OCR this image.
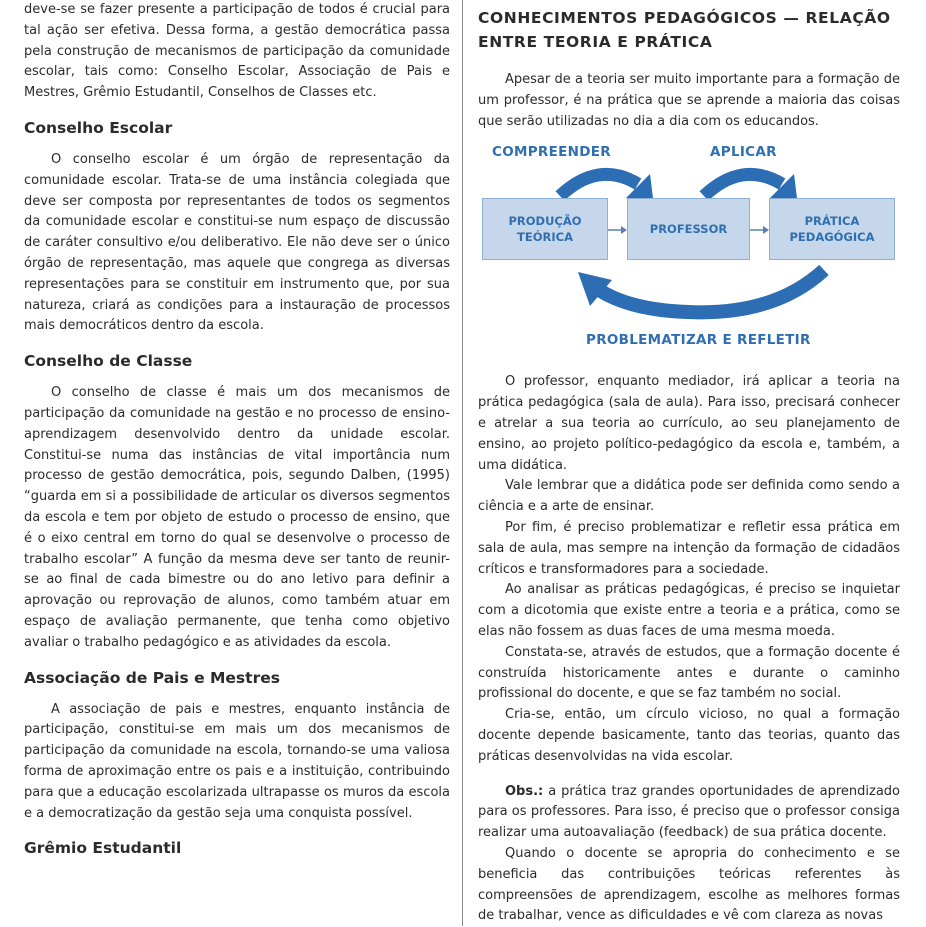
deve-se se fazer presente a participação de todos é crucial para tal ação ser efetiva. Dessa forma, a gestão democrática passa pela construção de mecanismos de participação da comunidade escolar, tais como: Conselho Escolar, Associação de Pais e Mestres, Grêmio Estudantil, Conselhos de Classes etc.

Conselho Escolar

O conselho escolar é um órgão de representação da comunidade escolar. Trata-se de uma instância colegiada que deve ser composta por representantes de todos os segmentos da comunidade escolar e constitui-se num espaço de discussão de caráter consultivo e/ou deliberativo. Ele não deve ser o único órgão de representação, mas aquele que congrega as diversas representações para se constituir em instrumento que, por sua natureza, criará as condições para a instauração de processos mais democráticos dentro da escola.

Conselho de Classe

O conselho de classe é mais um dos mecanismos de participação da comunidade na gestão e no processo de ensino-aprendizagem desenvolvido dentro da unidade escolar. Constitui-se numa das instâncias de vital importância num processo de gestão democrática, pois, segundo Dalben, (1995) “guarda em si a possibilidade de articular os diversos segmentos da escola e tem por objeto de estudo o processo de ensino, que é o eixo central em torno do qual se desenvolve o processo de trabalho escolar” A função da mesma deve ser tanto de reunir-se ao final de cada bimestre ou do ano letivo para definir a aprovação ou reprovação de alunos, como também atuar em espaço de avaliação permanente, que tenha como objetivo avaliar o trabalho pedagógico e as atividades da escola.

Associação de Pais e Mestres

A associação de pais e mestres, enquanto instância de participação, constitui-se em mais um dos mecanismos de participação da comunidade na escola, tornando-se uma valiosa forma de aproximação entre os pais e a instituição, contribuindo para que a educação escolarizada ultrapasse os muros da escola e a democratização da gestão seja uma conquista possível.

Grêmio Estudantil
CONHECIMENTOS PEDAGÓGICOS — RELAÇÃO
ENTRE TEORIA E PRÁTICA

Apesar de a teoria ser muito importante para a formação de um professor, é na prática que se aprende a maioria das coisas que serão utilizadas no dia a dia com os educandos.

COMPREENDER	APLICAR
PRODUÇÃO
TEÓRICA
PROFESSOR
PRÁTICA
PEDAGÓGICA
PROBLEMATIZAR E REFLETIR

O professor, enquanto mediador, irá aplicar a teoria na prática pedagógica (sala de aula). Para isso, precisará conhecer e atrelar a sua teoria ao currículo, ao seu planejamento de ensino, ao projeto político-pedagógico da escola e, também, a uma didática.

Vale lembrar que a didática pode ser definida como sendo a ciência e a arte de ensinar.

Por fim, é preciso problematizar e refletir essa prática em sala de aula, mas sempre na intenção da formação de cidadãos críticos e transformadores para a sociedade.

Ao analisar as práticas pedagógicas, é preciso se inquietar com a dicotomia que existe entre a teoria e a prática, como se elas não fossem as duas faces de uma mesma moeda.

Constata-se, através de estudos, que a formação docente é construída historicamente antes e durante o caminho profissional do docente, e que se faz também no social.

Cria-se, então, um círculo vicioso, no qual a formação docente depende basicamente, tanto das teorias, quanto das práticas desenvolvidas na vida escolar.

Obs.: a prática traz grandes oportunidades de aprendizado para os professores. Para isso, é preciso que o professor consiga realizar uma autoavaliação (feedback) de sua prática docente.

Quando o docente se apropria do conhecimento e se beneficia das contribuições teóricas referentes às compreensões de aprendizagem, escolhe as melhores formas de trabalhar, vence as dificuldades e vê com clareza as novas
